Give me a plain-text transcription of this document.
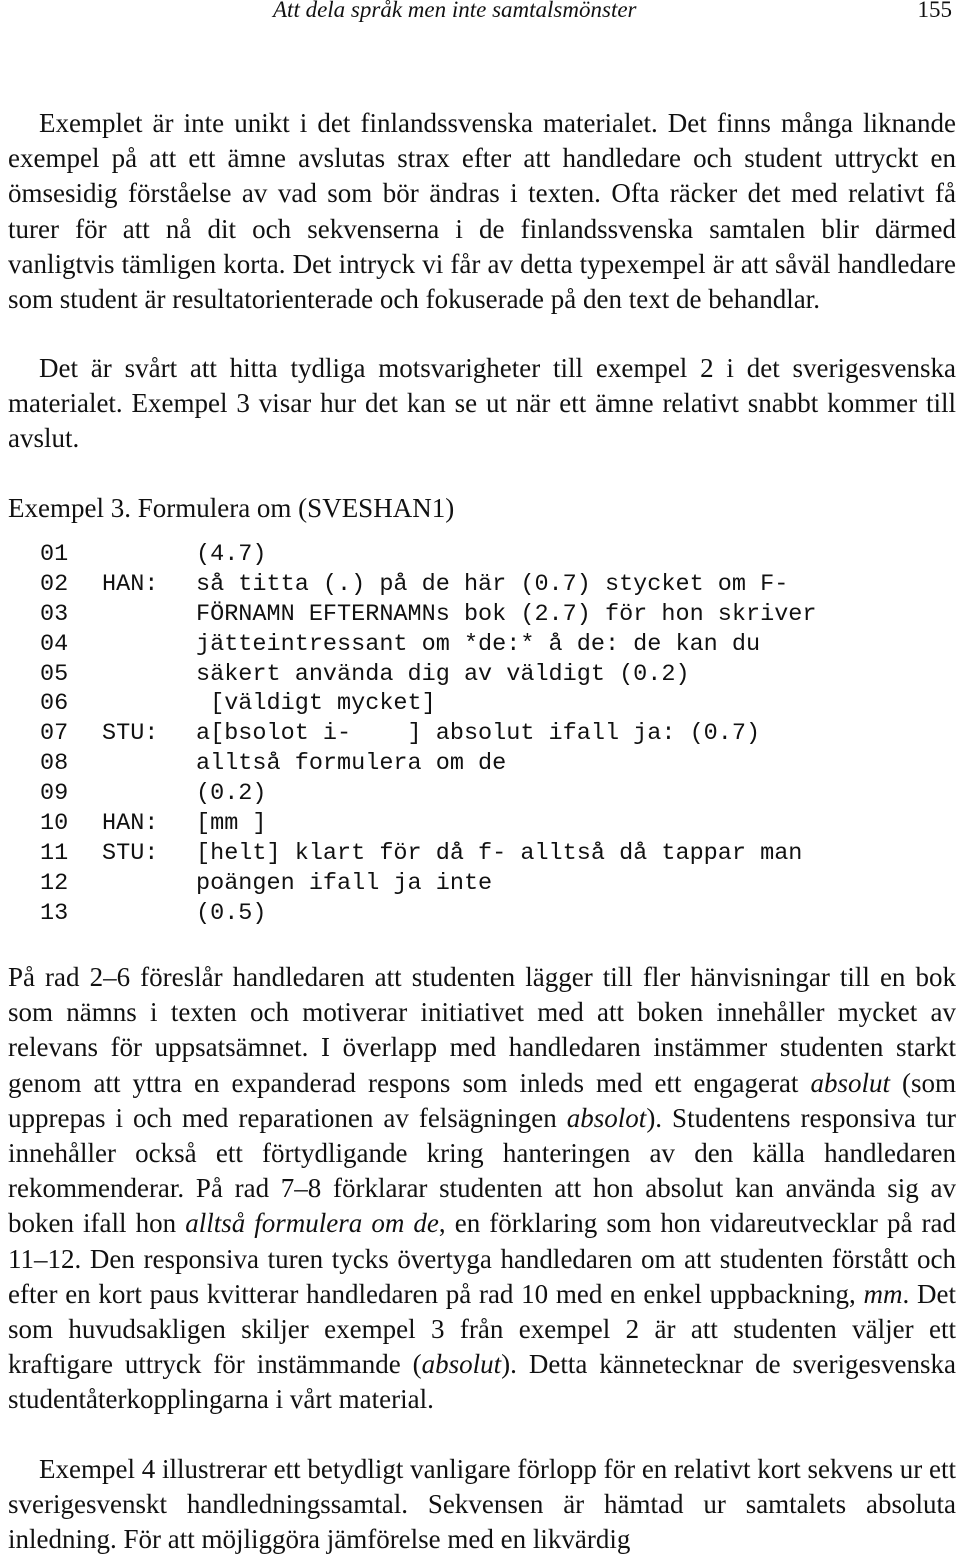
Att dela språk men inte samtalsmönster	155

Exemplet är inte unikt i det finlandssvenska materialet. Det finns många liknande exempel på att ett ämne avslutas strax efter att handledare och student uttryckt en ömsesidig förståelse av vad som bör ändras i texten. Ofta räcker det med relativt få turer för att nå dit och sekvenserna i de finlandssvenska samtalen blir därmed vanligtvis tämligen korta. Det intryck vi får av detta typexempel är att såväl handledare som student är resultatorienterade och fokuserade på den text de behandlar.

Det är svårt att hitta tydliga motsvarigheter till exempel 2 i det sverigesvenska materialet. Exempel 3 visar hur det kan se ut när ett ämne relativt snabbt kommer till avslut.

Exempel 3. Formulera om (SVESHAN1)
01	(4.7)
02 HAN: så titta (.) på de här (0.7) stycket om F-
03	FÖRNAMN EFTERNAMNs bok (2.7) för hon skriver
04	jätteintressant om *de:* å de: de kan du
05	säkert använda dig av väldigt (0.2)
06	[väldigt mycket]
07 STU: a[bsolot i-    ] absolut ifall ja: (0.7)
08	alltså formulera om de
09	(0.2)
10 HAN: [mm ]
11 STU: [helt] klart för då f- alltså då tappar man
12	poängen ifall ja inte
13	(0.5)

På rad 2–6 föreslår handledaren att studenten lägger till fler hänvisningar till en bok som nämns i texten och motiverar initiativet med att boken innehåller mycket av relevans för uppsatsämnet. I överlapp med handledaren instämmer studenten starkt genom att yttra en expanderad respons som inleds med ett engagerat absolut (som upprepas i och med reparationen av felsägningen absolot). Studentens responsiva tur innehåller också ett förtydligande kring hanteringen av den källa handledaren rekommenderar. På rad 7–8 förklarar studenten att hon absolut kan använda sig av boken ifall hon alltså formulera om de, en förklaring som hon vidareutvecklar på rad 11–12. Den responsiva turen tycks övertyga handledaren om att studenten förstått och efter en kort paus kvitterar handledaren på rad 10 med en enkel uppbackning, mm. Det som huvudsakligen skiljer exempel 3 från exempel 2 är att studenten väljer ett kraftigare uttryck för instämmande (absolut). Detta kännetecknar de sverigesvenska studentåterkopplingarna i vårt material.

Exempel 4 illustrerar ett betydligt vanligare förlopp för en relativt kort sekvens ur ett sverigesvenskt handledningssamtal. Sekvensen är hämtad ur samtalets absoluta inledning. För att möjliggöra jämförelse med en likvärdig
